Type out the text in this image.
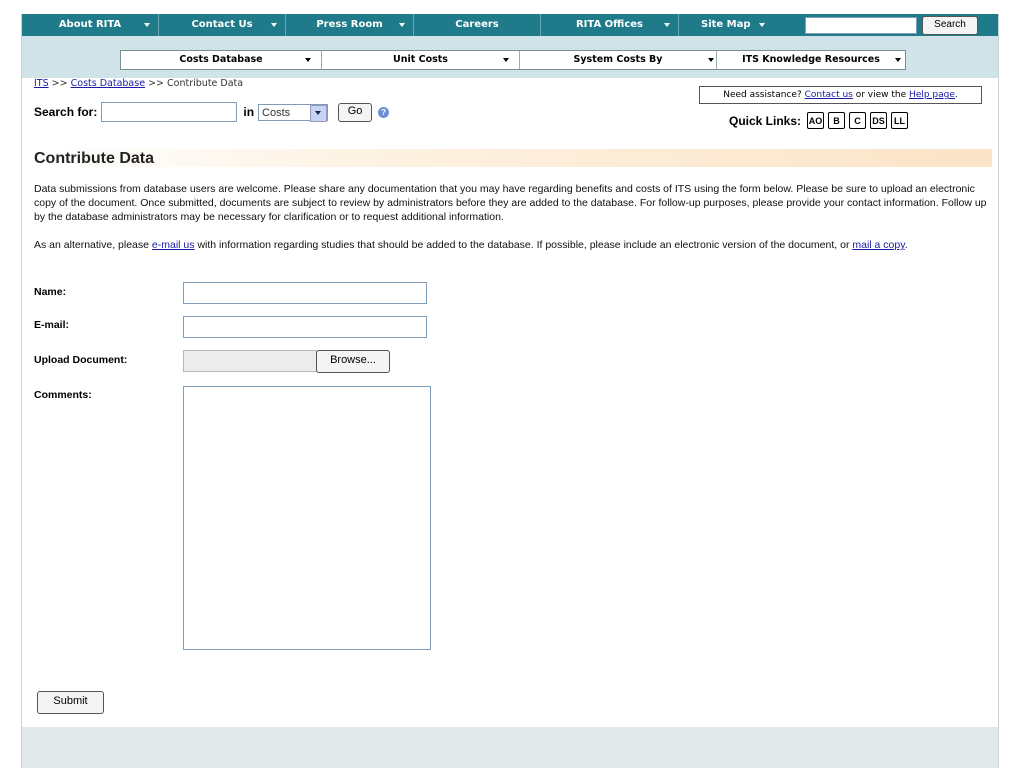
About RITA	Contact Us	Press Room	Careers	RITA Offices	Site Map	Search
Costs Database	Unit Costs	System Costs By	ITS Knowledge Resources
ITS >> Costs Database >> Contribute Data
Search for:	in Costs	Go	?
Need assistance? Contact us or view the Help page.
Quick Links: AO	B	C	DS	LL
Contribute Data
Data submissions from database users are welcome. Please share any documentation that you may have regarding benefits and costs of ITS using the form below. Please be sure to upload an electronic copy of the document. Once submitted, documents are subject to review by administrators before they are added to the database. For follow-up purposes, please provide your contact information. Follow up by the database administrators may be necessary for clarification or to request additional information.
As an alternative, please e-mail us with information regarding studies that should be added to the database. If possible, please include an electronic version of the document, or mail a copy.
Name:
E-mail:
Upload Document:	Browse...
Comments:
Submit
